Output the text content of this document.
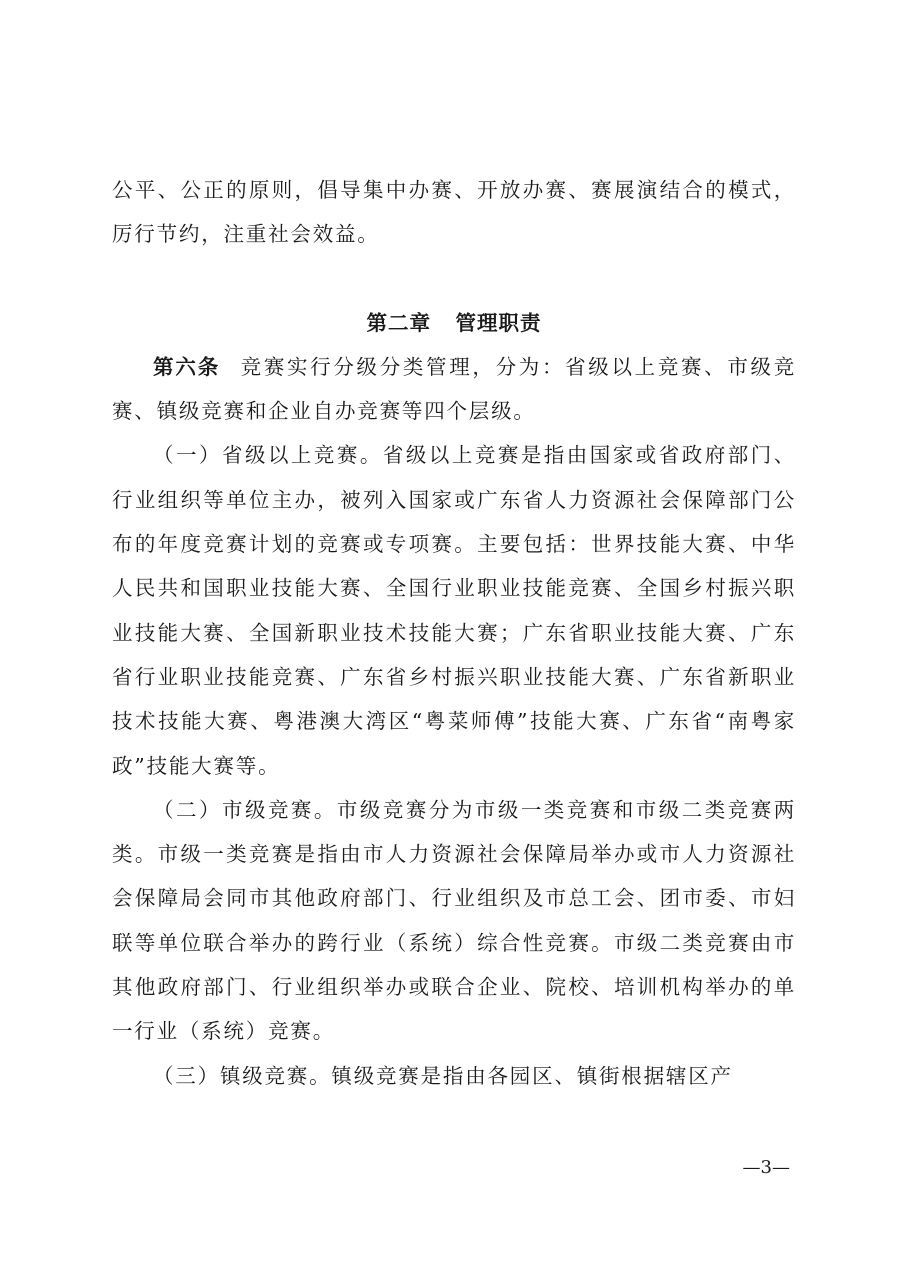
公平、公正的原则，倡导集中办赛、开放办赛、赛展演结合的模式，厉行节约，注重社会效益。

第二章 管理职责

第六条 竞赛实行分级分类管理，分为：省级以上竞赛、市级竞赛、镇级竞赛和企业自办竞赛等四个层级。

（一）省级以上竞赛。省级以上竞赛是指由国家或省政府部门、行业组织等单位主办，被列入国家或广东省人力资源社会保障部门公布的年度竞赛计划的竞赛或专项赛。主要包括：世界技能大赛、中华人民共和国职业技能大赛、全国行业职业技能竞赛、全国乡村振兴职业技能大赛、全国新职业技术技能大赛；广东省职业技能大赛、广东省行业职业技能竞赛、广东省乡村振兴职业技能大赛、广东省新职业技术技能大赛、粤港澳大湾区“粤菜师傅”技能大赛、广东省“南粤家政”技能大赛等。

（二）市级竞赛。市级竞赛分为市级一类竞赛和市级二类竞赛两类。市级一类竞赛是指由市人力资源社会保障局举办或市人力资源社会保障局会同市其他政府部门、行业组织及市总工会、团市委、市妇联等单位联合举办的跨行业（系统）综合性竞赛。市级二类竞赛由市其他政府部门、行业组织举办或联合企业、院校、培训机构举办的单一行业（系统）竞赛。

（三）镇级竞赛。镇级竞赛是指由各园区、镇街根据辖区产

—3—
